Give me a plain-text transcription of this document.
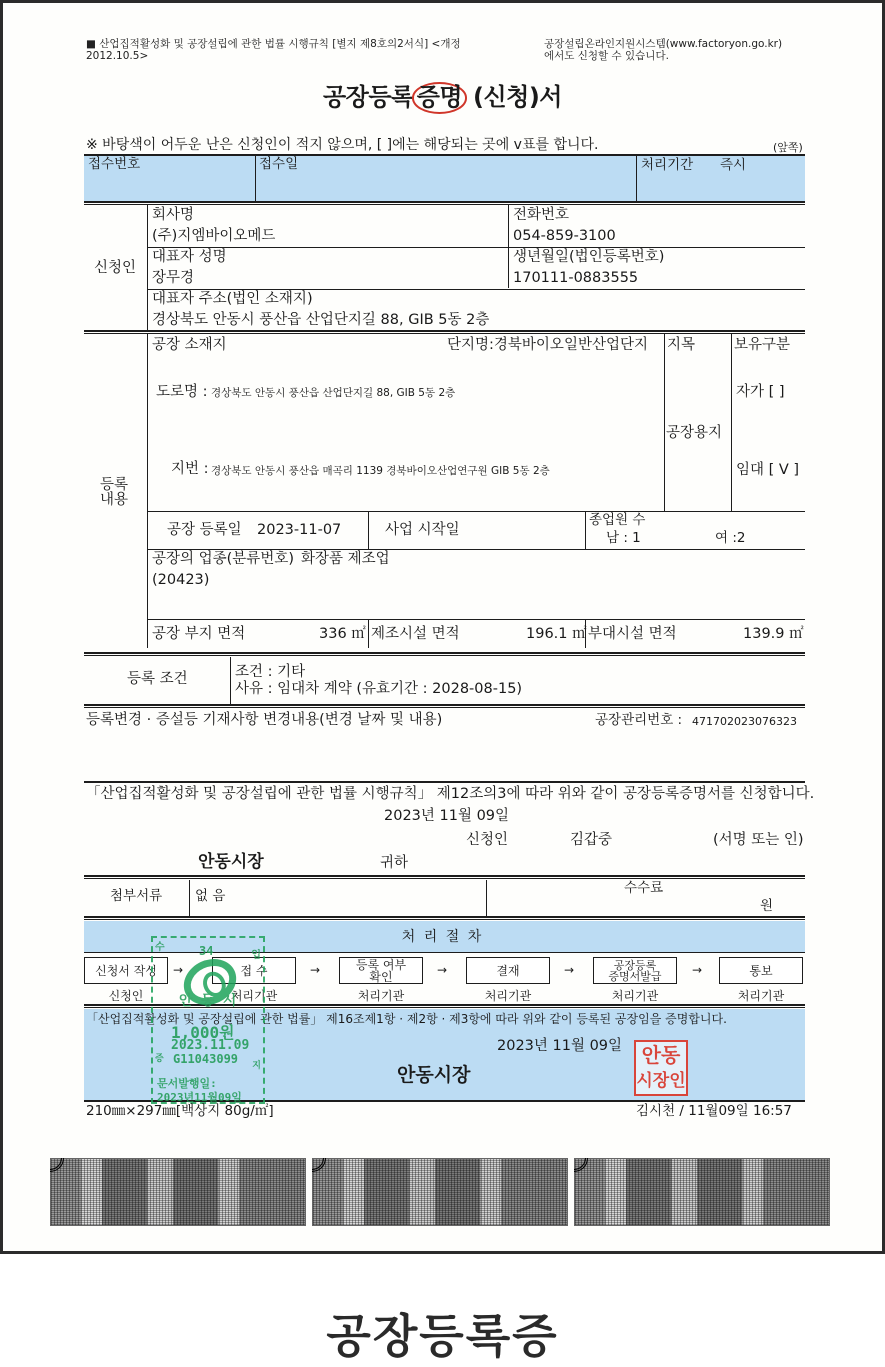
■ 산업집적활성화 및 공장설립에 관한 법률 시행규칙 [별지 제8호의2서식] <개정
2012.10.5>
공장설립온라인지원시스템(www.factoryon.go.kr)
에서도 신청할 수 있습니다.
공장등록 증명 (신청)서
※ 바탕색이 어두운 난은 신청인이 적지 않으며, [ ]에는 해당되는 곳에 v표를 합니다.	(앞쪽)
접수번호	접수일	처리기간 즉시
신청인
회사명
(주)지엠바이오메드
전화번호
054-859-3100
대표자 성명
장무경
생년월일(법인등록번호)
170111-0883555
대표자 주소(법인 소재지)
경상북도 안동시 풍산읍 산업단지길 88, GIB 5동 2층
등록
내용
공장 소재지	단지명:경북바이오일반산업단지 지목	보유구분
도로명 : 경상북도 안동시 풍산읍 산업단지길 88, GIB 5동 2층	자가 [ ]
공장용지
지번 : 경상북도 안동시 풍산읍 매곡리 1139 경북바이오산업연구원 GIB 5동 2층	임대 [ V ]
공장 등록일 2023-11-07	사업 시작일
종업원 수
남 : 1	여 :2
공장의 업종(분류번호) 화장품 제조업
(20423)
공장 부지 면적	336 ㎡ 제조시설 면적	196.1 ㎡ 부대시설 면적	139.9 ㎡
등록 조건	조건 : 기타
사유 : 임대차 계약 (유효기간 : 2028-08-15)
등록변경 · 증설등 기재사항 변경내용(변경 날짜 및 내용)	공장관리번호 : 471702023076323
「산업집적활성화 및 공장설립에 관한 법률 시행규칙」 제12조의3에 따라 위와 같이 공장등록증명서를 신청합니다.
2023년 11월 09일
신청인	김갑중	(서명 또는 인)
안동시장	귀하
첨부서류 없 음	수수료
원
처 리 절 차
신청서 작성	→	접 수	→	등록 여부
확인	→	결재	→	공장등록
증명서발급	→	통보
신청인	처리기관	처리기관	처리기관	처리기관	처리기관
「산업집적활성화 및 공장설립에 관한 법률」 제16조제1항 · 제2항 · 제3항에 따라 위와 같이 등록된 공장임을 증명합니다.
2023년 11월 09일
안동시장
안동
시장인
수
입
34
안 동 시
1,000원
2023.11.09
증 G11043099 지
문서발행일:
2023년11월09일
210㎜×297㎜[백상지 80g/㎡]	김시천 / 11월09일 16:57
공장등록증
